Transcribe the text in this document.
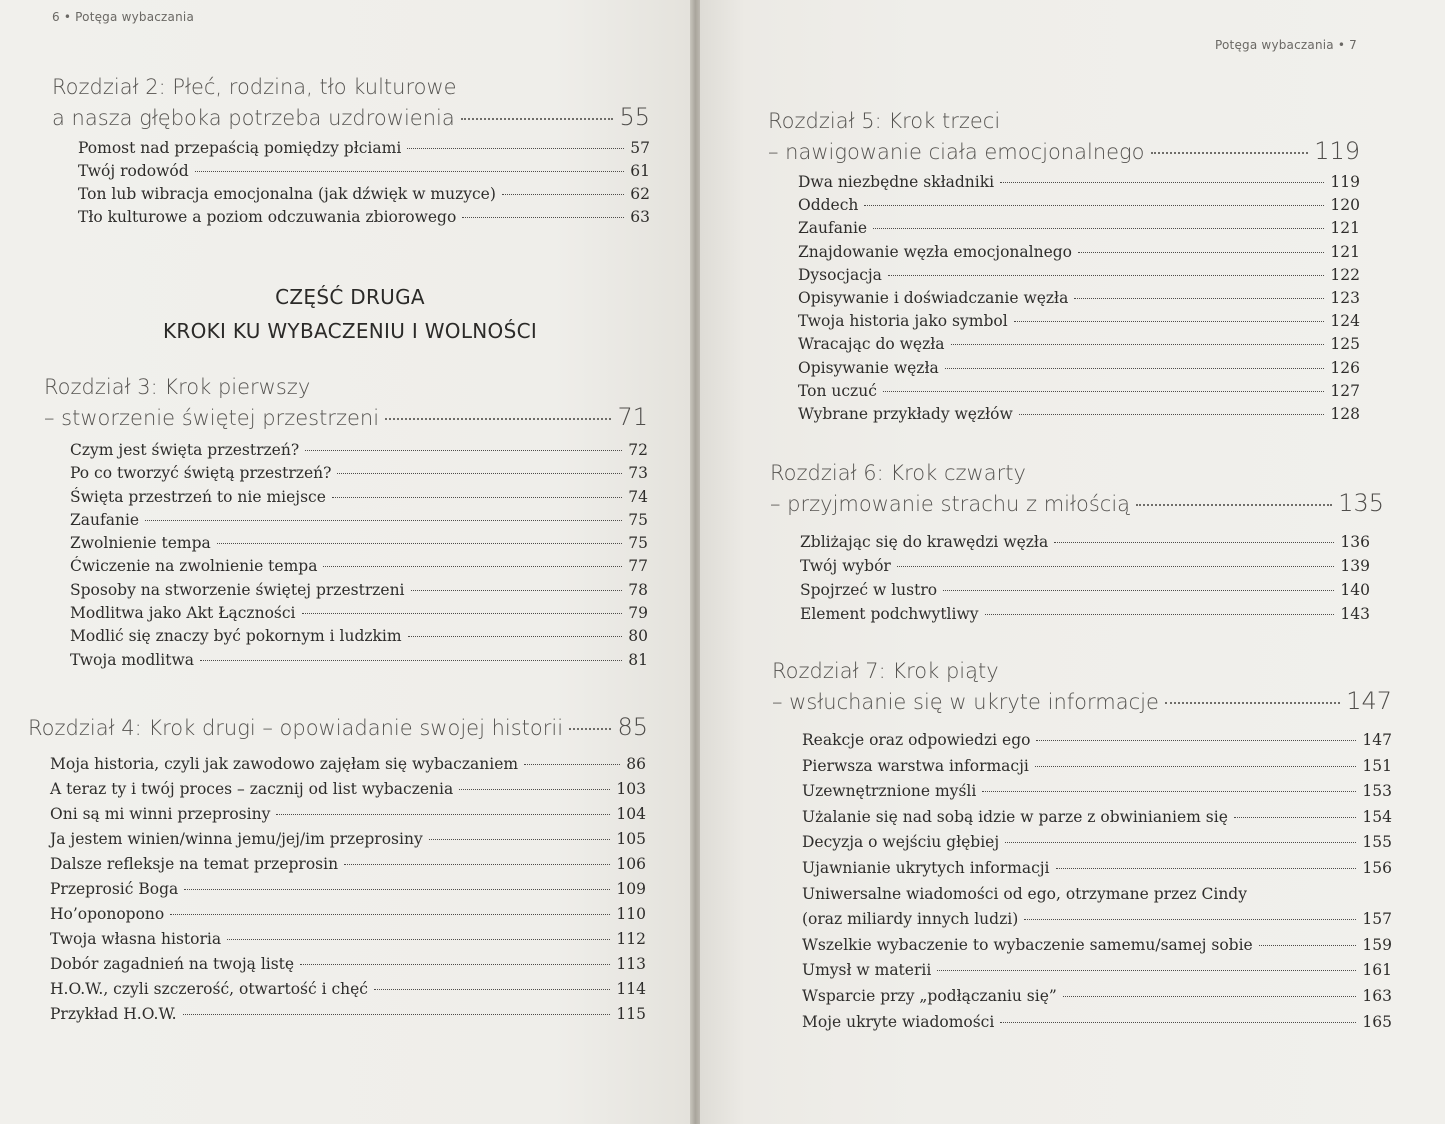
6 • Potęga wybaczania
Rozdział 2: Płeć, rodzina, tło kulturowe
a nasza głęboka potrzeba uzdrowienia	55
Pomost nad przepaścią pomiędzy płciami	57
Twój rodowód	61
Ton lub wibracja emocjonalna (jak dźwięk w muzyce)	62
Tło kulturowe a poziom odczuwania zbiorowego	63
CZĘŚĆ DRUGA
KROKI KU WYBACZENIU I WOLNOŚCI
Rozdział 3: Krok pierwszy
– stworzenie świętej przestrzeni	71
Czym jest święta przestrzeń?	72
Po co tworzyć świętą przestrzeń?	73
Święta przestrzeń to nie miejsce	74
Zaufanie	75
Zwolnienie tempa	75
Ćwiczenie na zwolnienie tempa	77
Sposoby na stworzenie świętej przestrzeni	78
Modlitwa jako Akt Łączności	79
Modlić się znaczy być pokornym i ludzkim	80
Twoja modlitwa	81
Rozdział 4: Krok drugi – opowiadanie swojej historii 85
Moja historia, czyli jak zawodowo zajęłam się wybaczaniem	86
A teraz ty i twój proces – zacznij od list wybaczenia	103
Oni są mi winni przeprosiny	104
Ja jestem winien/winna jemu/jej/im przeprosiny	105
Dalsze refleksje na temat przeprosin	106
Przeprosić Boga	109
Ho’oponopono	110
Twoja własna historia	112
Dobór zagadnień na twoją listę	113
H.O.W., czyli szczerość, otwartość i chęć	114
Przykład H.O.W.	115
Potęga wybaczania • 7
Rozdział 5: Krok trzeci
– nawigowanie ciała emocjonalnego	119
Dwa niezbędne składniki	119
Oddech	120
Zaufanie	121
Znajdowanie węzła emocjonalnego	121
Dysocjacja	122
Opisywanie i doświadczanie węzła	123
Twoja historia jako symbol	124
Wracając do węzła	125
Opisywanie węzła	126
Ton uczuć	127
Wybrane przykłady węzłów	128
Rozdział 6: Krok czwarty
– przyjmowanie strachu z miłością	135
Zbliżając się do krawędzi węzła	136
Twój wybór	139
Spojrzeć w lustro	140
Element podchwytliwy	143
Rozdział 7: Krok piąty
– wsłuchanie się w ukryte informacje	147
Reakcje oraz odpowiedzi ego	147
Pierwsza warstwa informacji	151
Uzewnętrznione myśli	153
Użalanie się nad sobą idzie w parze z obwinianiem się	154
Decyzja o wejściu głębiej	155
Ujawnianie ukrytych informacji	156
Uniwersalne wiadomości od ego, otrzymane przez Cindy
(oraz miliardy innych ludzi)	157
Wszelkie wybaczenie to wybaczenie samemu/samej sobie	159
Umysł w materii	161
Wsparcie przy „podłączaniu się”	163
Moje ukryte wiadomości	165
